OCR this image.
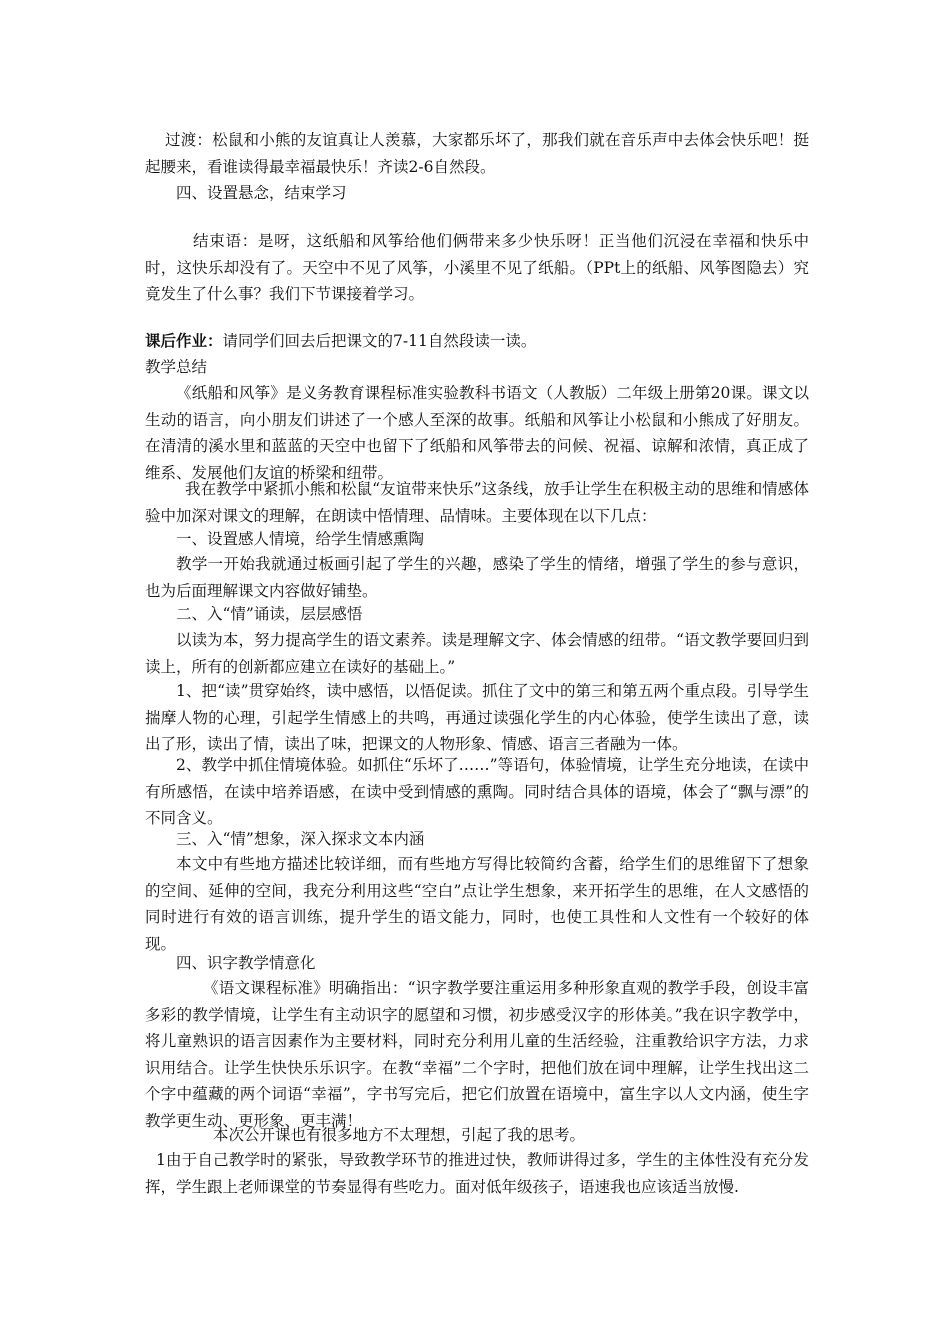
过渡：松鼠和小熊的友谊真让人羡慕，大家都乐坏了，那我们就在音乐声中去体会快乐吧！挺起腰来，看谁读得最幸福最快乐！齐读2-6自然段。

四、设置悬念，结束学习

结束语：是呀，这纸船和风筝给他们俩带来多少快乐呀！正当他们沉浸在幸福和快乐中时，这快乐却没有了。天空中不见了风筝，小溪里不见了纸船。（PPt上的纸船、风筝图隐去）究竟发生了什么事？我们下节课接着学习。

课后作业：请同学们回去后把课文的7-11自然段读一读。

教学总结

《纸船和风筝》是义务教育课程标准实验教科书语文（人教版）二年级上册第20课。课文以生动的语言，向小朋友们讲述了一个感人至深的故事。纸船和风筝让小松鼠和小熊成了好朋友。在清清的溪水里和蓝蓝的天空中也留下了纸船和风筝带去的问候、祝福、谅解和浓情，真正成了维系、发展他们友谊的桥梁和纽带。

我在教学中紧抓小熊和松鼠“友谊带来快乐”这条线，放手让学生在积极主动的思维和情感体验中加深对课文的理解，在朗读中悟情理、品情味。主要体现在以下几点：

一、设置感人情境，给学生情感熏陶

教学一开始我就通过板画引起了学生的兴趣，感染了学生的情绪，增强了学生的参与意识，也为后面理解课文内容做好铺垫。

二、入“情”诵读，层层感悟

以读为本，努力提高学生的语文素养。读是理解文字、体会情感的纽带。“语文教学要回归到读上，所有的创新都应建立在读好的基础上。”

1、把“读”贯穿始终，读中感悟，以悟促读。抓住了文中的第三和第五两个重点段。引导学生揣摩人物的心理，引起学生情感上的共鸣，再通过读强化学生的内心体验，使学生读出了意，读出了形，读出了情，读出了味，把课文的人物形象、情感、语言三者融为一体。

2、教学中抓住情境体验。如抓住“乐坏了……”等语句，体验情境，让学生充分地读，在读中有所感悟，在读中培养语感，在读中受到情感的熏陶。同时结合具体的语境，体会了“飘与漂”的不同含义。

三、入“情”想象，深入探求文本内涵

本文中有些地方描述比较详细，而有些地方写得比较简约含蓄，给学生们的思维留下了想象的空间、延伸的空间，我充分利用这些“空白”点让学生想象，来开拓学生的思维，在人文感悟的同时进行有效的语言训练，提升学生的语文能力，同时，也使工具性和人文性有一个较好的体现。

四、识字教学情意化

《语文课程标准》明确指出：“识字教学要注重运用多种形象直观的教学手段，创设丰富多彩的教学情境，让学生有主动识字的愿望和习惯，初步感受汉字的形体美。”我在识字教学中，将儿童熟识的语言因素作为主要材料，同时充分利用儿童的生活经验，注重教给识字方法，力求识用结合。让学生快快乐乐识字。在教“幸福”二个字时，把他们放在词中理解，让学生找出这二个字中蕴藏的两个词语“幸福”，字书写完后，把它们放置在语境中，富生字以人文内涵，使生字教学更生动、更形象、更丰满！

本次公开课也有很多地方不太理想，引起了我的思考。

1由于自己教学时的紧张，导致教学环节的推进过快，教师讲得过多，学生的主体性没有充分发挥，学生跟上老师课堂的节奏显得有些吃力。面对低年级孩子，语速我也应该适当放慢.
